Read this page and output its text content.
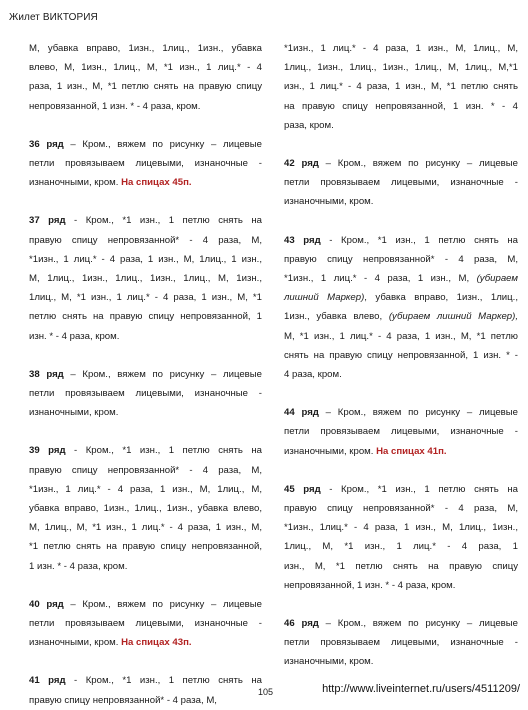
Жилет ВИКТОРИЯ
М, убавка вправо, 1изн., 1лиц., 1изн., убавка
влево, М, 1изн., 1лиц., М, *1 изн., 1 лиц.* - 4
раза, 1 изн., М, *1 петлю снять на правую спицу
непровязанной, 1 изн. * - 4 раза, кром.
36 ряд – Кром., вяжем по рисунку – лицевые
петли провязываем лицевыми, изнаночные -
изнаночными, кром. На спицах 45п.
37 ряд - Кром., *1 изн., 1 петлю снять на
правую спицу непровязанной* - 4 раза, М,
*1изн., 1 лиц.* - 4 раза, 1 изн., М, 1лиц., 1 изн.,
М, 1лиц., 1изн., 1лиц., 1изн., 1лиц., М, 1изн.,
1лиц., М, *1 изн., 1 лиц.* - 4 раза, 1 изн., М, *1
петлю снять на правую спицу непровязанной, 1
изн. * - 4 раза, кром.
38 ряд – Кром., вяжем по рисунку – лицевые
петли провязываем лицевыми, изнаночные -
изнаночными, кром.
39 ряд - Кром., *1 изн., 1 петлю снять на
правую спицу непровязанной* - 4 раза, М,
*1изн., 1 лиц.* - 4 раза, 1 изн., М, 1лиц., М,
убавка вправо, 1изн., 1лиц., 1изн., убавка влево,
М, 1лиц., М, *1 изн., 1 лиц.* - 4 раза, 1 изн., М,
*1 петлю снять на правую спицу непровязанной,
1 изн. * - 4 раза, кром.
40 ряд – Кром., вяжем по рисунку – лицевые
петли провязываем лицевыми, изнаночные -
изнаночными, кром. На спицах 43п.
41 ряд - Кром., *1 изн., 1 петлю снять на
правую спицу непровязанной* - 4 раза, М,
*1изн., 1 лиц.* - 4 раза, 1 изн., М, 1лиц., М,
1лиц., 1изн., 1лиц., 1изн., 1лиц., М, 1лиц., М,*1
изн., 1 лиц.* - 4 раза, 1 изн., М, *1 петлю снять
на правую спицу непровязанной, 1 изн. * - 4
раза, кром.
42 ряд – Кром., вяжем по рисунку – лицевые
петли провязываем лицевыми, изнаночные -
изнаночными, кром.
43 ряд - Кром., *1 изн., 1 петлю снять на
правую спицу непровязанной* - 4 раза, М,
*1изн., 1 лиц.* - 4 раза, 1 изн., М, (убираем
лишний Маркер), убавка вправо, 1изн., 1лиц.,
1изн., убавка влево, (убираем лишний Маркер),
М, *1 изн., 1 лиц.* - 4 раза, 1 изн., М, *1 петлю
снять на правую спицу непровязанной, 1 изн. * -
4 раза, кром.
44 ряд – Кром., вяжем по рисунку – лицевые
петли провязываем лицевыми, изнаночные -
изнаночными, кром. На спицах 41п.
45 ряд - Кром., *1 изн., 1 петлю снять на
правую спицу непровязанной* - 4 раза, М,
*1изн., 1лиц.* - 4 раза, 1 изн., М, 1лиц., 1изн.,
1лиц., М, *1 изн., 1 лиц.* - 4 раза, 1
изн., М, *1 петлю снять на правую спицу
непровязанной, 1 изн. * - 4 раза, кром.
46 ряд – Кром., вяжем по рисунку – лицевые
петли провязываем лицевыми, изнаночные -
изнаночными, кром.
105	http://www.liveinternet.ru/users/4511209/
